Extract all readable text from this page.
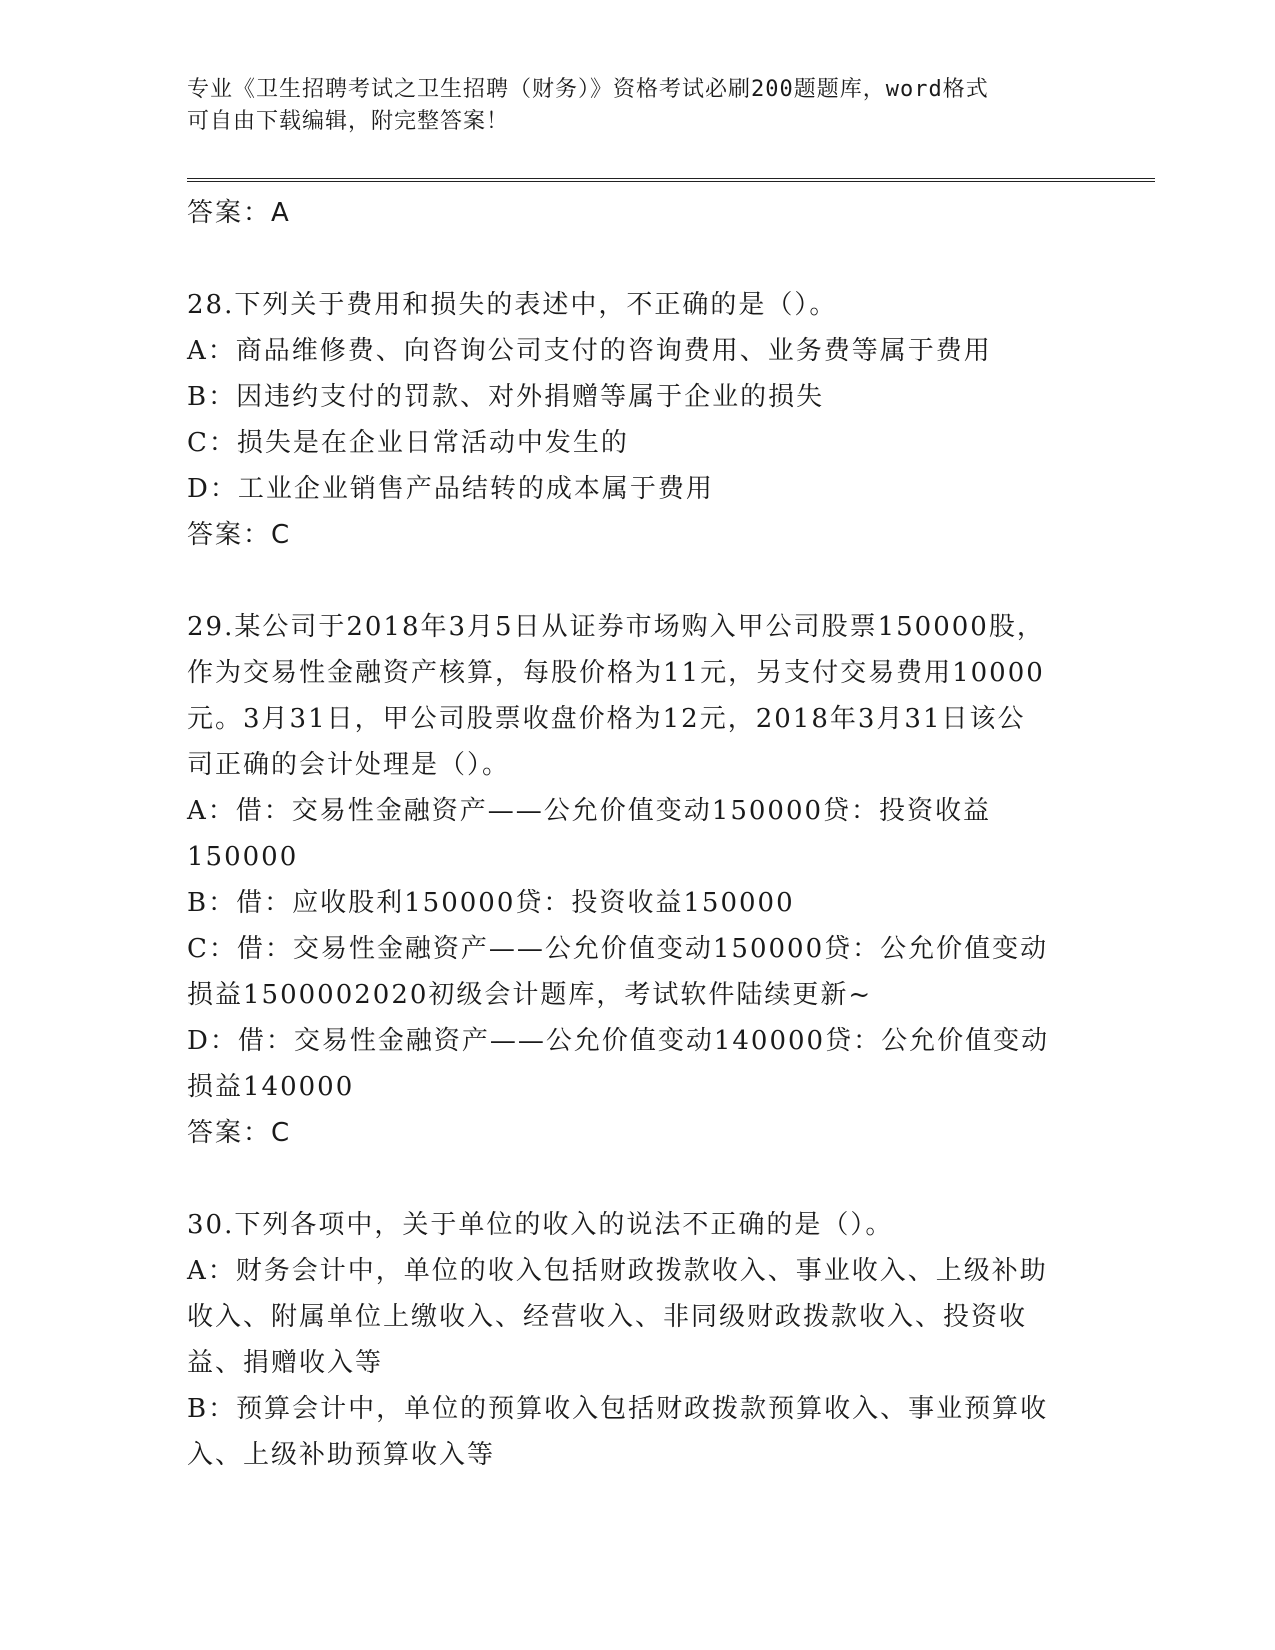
专业《卫生招聘考试之卫生招聘（财务）》资格考试必刷200题题库，word格式
可自由下载编辑，附完整答案！

答案：A

28.下列关于费用和损失的表述中，不正确的是（）。

A：商品维修费、向咨询公司支付的咨询费用、业务费等属于费用

B：因违约支付的罚款、对外捐赠等属于企业的损失

C：损失是在企业日常活动中发生的

D：工业企业销售产品结转的成本属于费用

答案：C

29.某公司于2018年3月5日从证券市场购入甲公司股票150000股，

作为交易性金融资产核算，每股价格为11元，另支付交易费用10000

元。3月31日，甲公司股票收盘价格为12元，2018年3月31日该公

司正确的会计处理是（）。

A：借：交易性金融资产——公允价值变动150000贷：投资收益

150000

B：借：应收股利150000贷：投资收益150000

C：借：交易性金融资产——公允价值变动150000贷：公允价值变动

损益1500002020初级会计题库，考试软件陆续更新~

D：借：交易性金融资产——公允价值变动140000贷：公允价值变动

损益140000

答案：C

30.下列各项中，关于单位的收入的说法不正确的是（）。

A：财务会计中，单位的收入包括财政拨款收入、事业收入、上级补助

收入、附属单位上缴收入、经营收入、非同级财政拨款收入、投资收

益、捐赠收入等

B：预算会计中，单位的预算收入包括财政拨款预算收入、事业预算收

入、上级补助预算收入等
